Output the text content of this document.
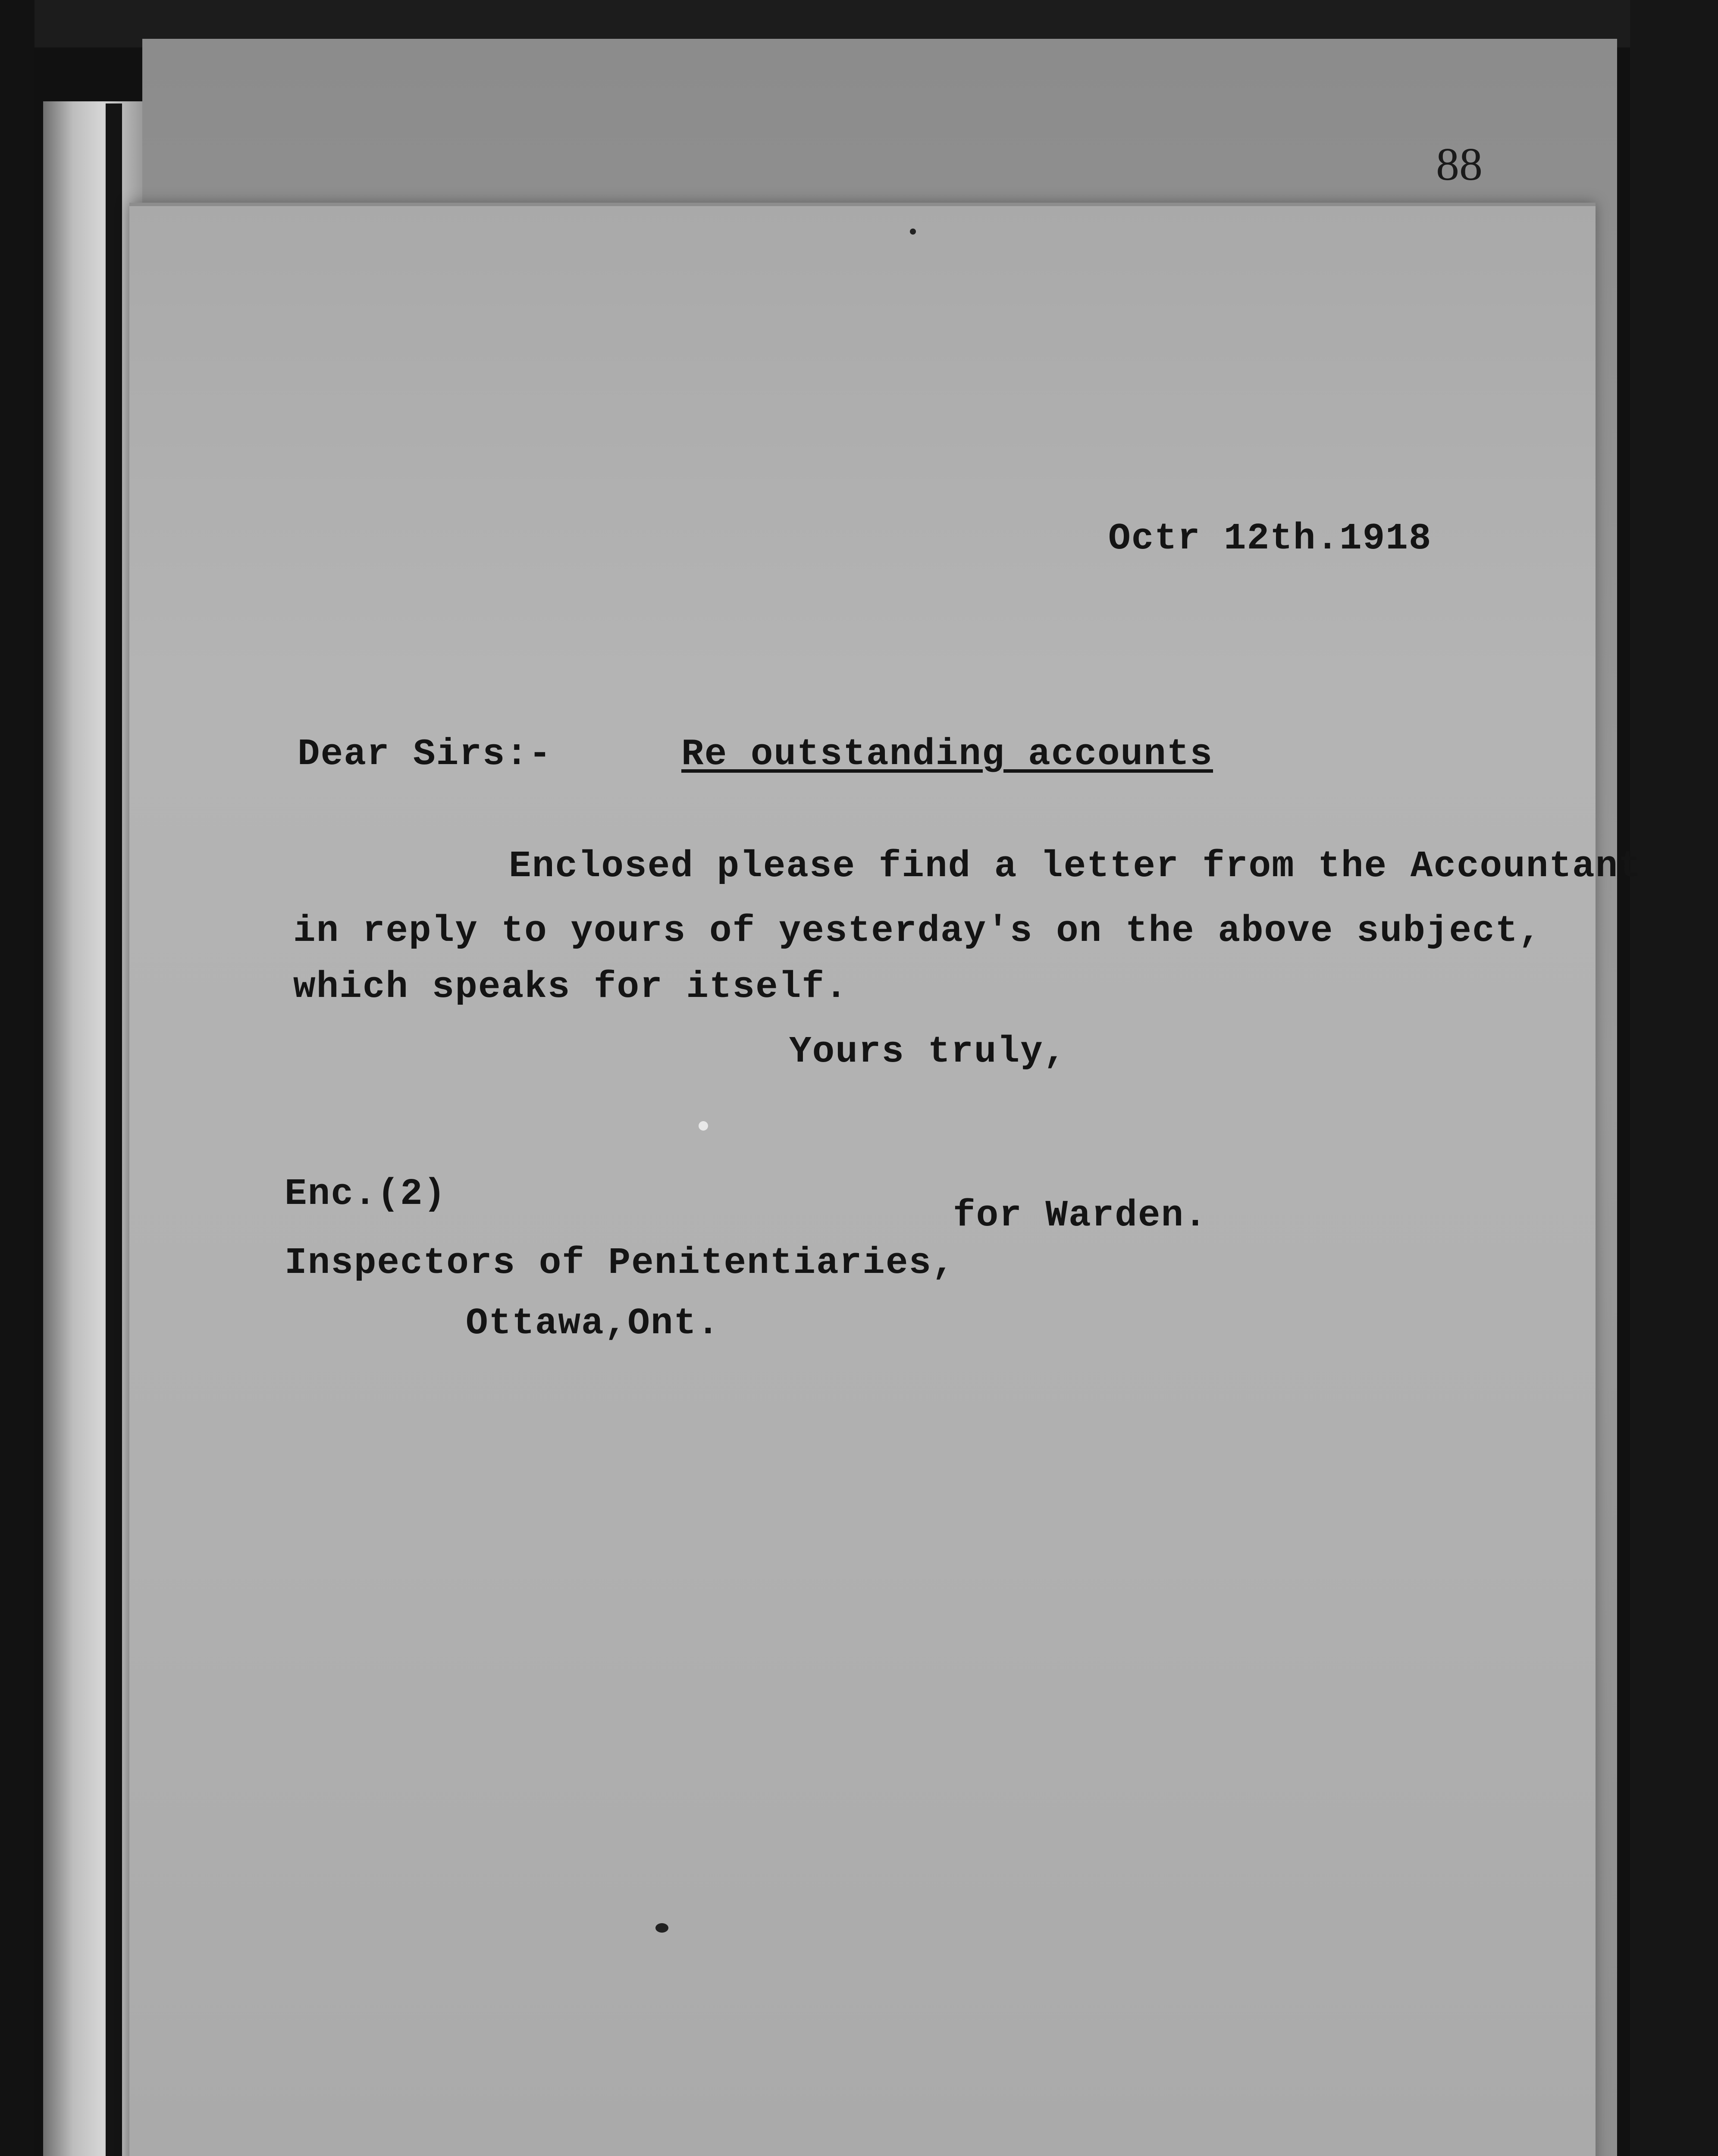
88
Octr 12th.1918
Dear Sirs:-	Re outstanding accounts
Enclosed please find a letter from the Accountant
in reply to yours of yesterday's on the above subject,
which speaks for itself.
Yours truly,
Enc.(2)
for Warden.
Inspectors of Penitentiaries,
Ottawa,Ont.
